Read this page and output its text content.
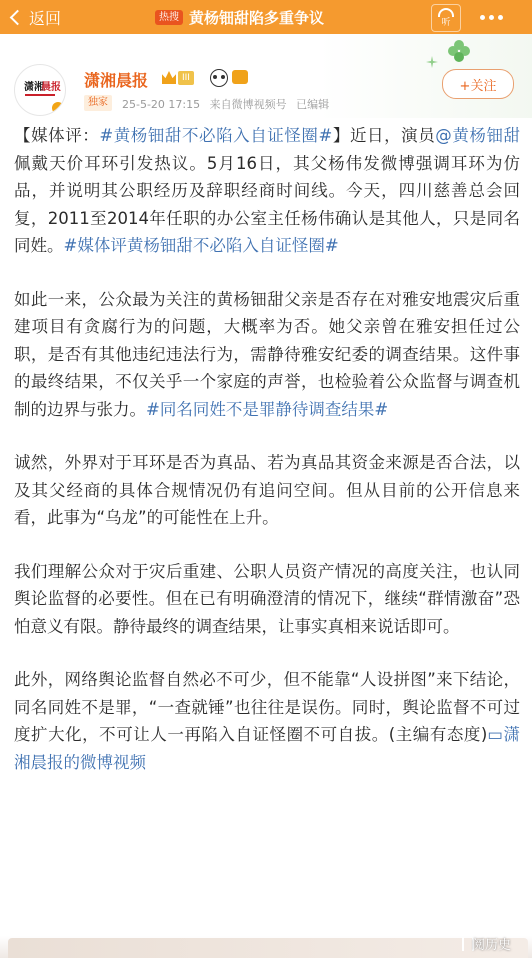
返回	热搜 黄杨钿甜陷多重争议	听
潇湘
晨报 潇湘晨报	III
独家	25-5-20 17:15 来自微博视频号 已编辑
+关注

【媒体评：#黄杨钿甜不必陷入自证怪圈#】近日，演员@黄杨钿甜 佩戴天价耳环引发热议。5月16日，其父杨伟发微博强调耳环为仿品，并说明其公职经历及辞职经商时间线。今天，四川慈善总会回复，2011至2014年任职的办公室主任杨伟确认是其他人，只是同名同姓。#媒体评黄杨钿甜不必陷入自证怪圈#

如此一来，公众最为关注的黄杨钿甜父亲是否存在对雅安地震灾后重建项目有贪腐行为的问题，大概率为否。她父亲曾在雅安担任过公职，是否有其他违纪违法行为，需静待雅安纪委的调查结果。这件事的最终结果，不仅关乎一个家庭的声誉，也检验着公众监督与调查机制的边界与张力。#同名同姓不是罪静待调查结果#

诚然，外界对于耳环是否为真品、若为真品其资金来源是否合法，以及其父经商的具体合规情况仍有追问空间。但从目前的公开信息来看，此事为“乌龙”的可能性在上升。

我们理解公众对于灾后重建、公职人员资产情况的高度关注，也认同舆论监督的必要性。但在已有明确澄清的情况下，继续“群情激奋”恐怕意义有限。静待最终的调查结果，让事实真相来说话即可。

此外，网络舆论监督自然必不可少，但不能靠“人设拼图”来下结论，同名同姓不是罪，“一查就锤”也往往是误伤。同时，舆论监督不可过度扩大化，不可让人一再陷入自证怪圈不可自拔。(主编有态度)▭潇湘晨报的微博视频

阅历史
